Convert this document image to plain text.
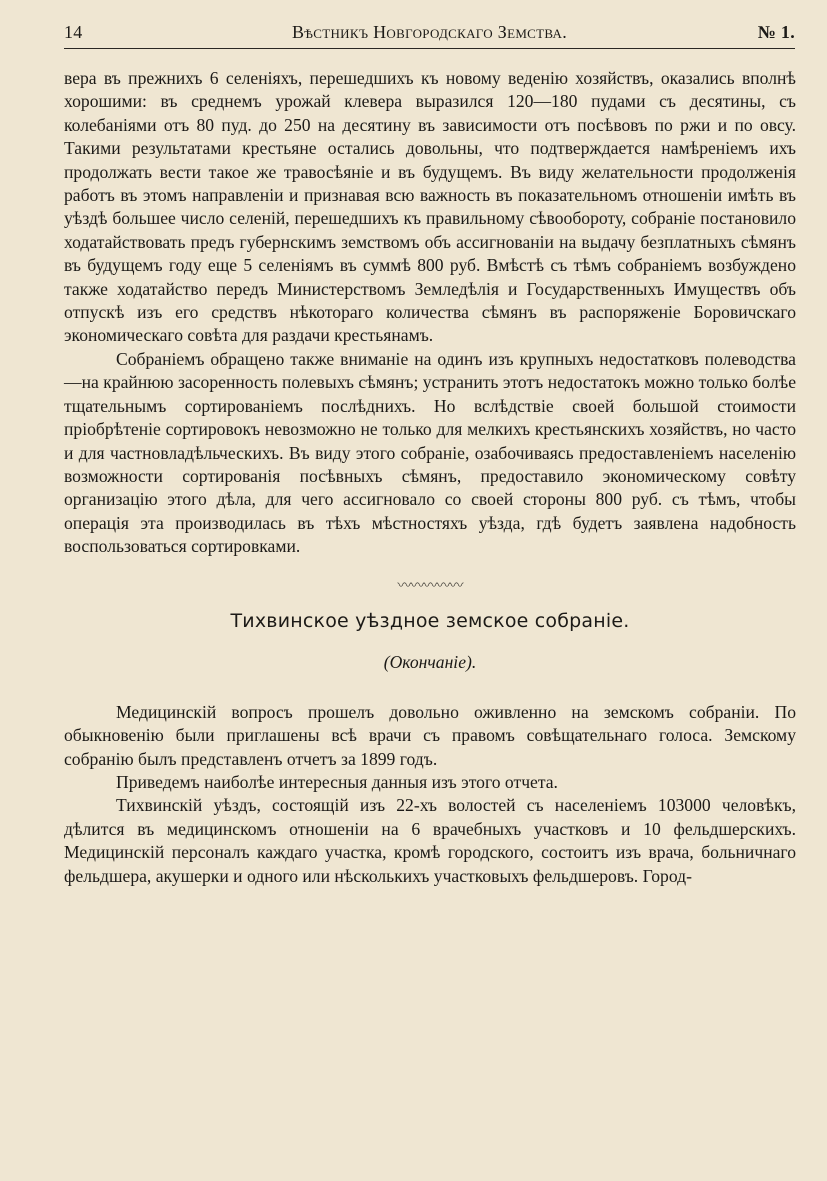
14	Вѣстникъ Новгородскаго Земства.	№ 1.

вера въ прежнихъ 6 селеніяхъ, перешедшихъ къ новому веденію хозяйствъ, оказались вполнѣ хорошими: въ среднемъ урожай клевера выразился 120—180 пудами съ десятины, съ колебаніями отъ 80 пуд. до 250 на десятину въ зависимости отъ посѣвовъ по ржи и по овсу. Такими результатами крестьяне остались довольны, что подтверждается намѣреніемъ ихъ продолжать вести такое же травосѣяніе и въ будущемъ. Въ виду желательности продолженія работъ въ этомъ направленіи и признавая всю важность въ показательномъ отношеніи имѣть въ уѣздѣ большее число селеній, перешедшихъ къ правильному сѣвообороту, собраніе постановило ходатайствовать предъ губернскимъ земствомъ объ ассигнованіи на выдачу безплатныхъ сѣмянъ въ будущемъ году еще 5 селеніямъ въ суммѣ 800 руб. Вмѣстѣ съ тѣмъ собраніемъ возбуждено также ходатайство передъ Министерствомъ Земледѣлія и Государственныхъ Имуществъ объ отпускѣ изъ его средствъ нѣкотораго количества сѣмянъ въ распоряженіе Боровичскаго экономическаго совѣта для раздачи крестьянамъ.

Собраніемъ обращено также вниманіе на одинъ изъ крупныхъ недостатковъ полеводства—на крайнюю засоренность полевыхъ сѣмянъ; устранить этотъ недостатокъ можно только болѣе тщательнымъ сортированіемъ послѣднихъ. Но вслѣдствіе своей большой стоимости пріобрѣтеніе сортировокъ невозможно не только для мелкихъ крестьянскихъ хозяйствъ, но часто и для частновладѣльческихъ. Въ виду этого собраніе, озабочиваясь предоставленіемъ населенію возможности сортированія посѣвныхъ сѣмянъ, предоставило экономическому совѣту организацію этого дѣла, для чего ассигновало со своей стороны 800 руб. съ тѣмъ, чтобы операція эта производилась въ тѣхъ мѣстностяхъ уѣзда, гдѣ будетъ заявлена надобность воспользоваться сортировками.

〰〰〰〰〰
Тихвинское уѣздное земское собраніе.
(Окончаніе).

Медицинскій вопросъ прошелъ довольно оживленно на земскомъ собраніи. По обыкновенію были приглашены всѣ врачи съ правомъ совѣщательнаго голоса. Земскому собранію былъ представленъ отчетъ за 1899 годъ.

Приведемъ наиболѣе интересныя данныя изъ этого отчета.

Тихвинскій уѣздъ, состоящій изъ 22-хъ волостей съ населеніемъ 103000 человѣкъ, дѣлится въ медицинскомъ отношеніи на 6 врачебныхъ участковъ и 10 фельдшерскихъ. Медицинскій персоналъ каждаго участка, кромѣ городского, состоитъ изъ врача, больничнаго фельдшера, акушерки и одного или нѣсколькихъ участковыхъ фельдшеровъ. Город-
